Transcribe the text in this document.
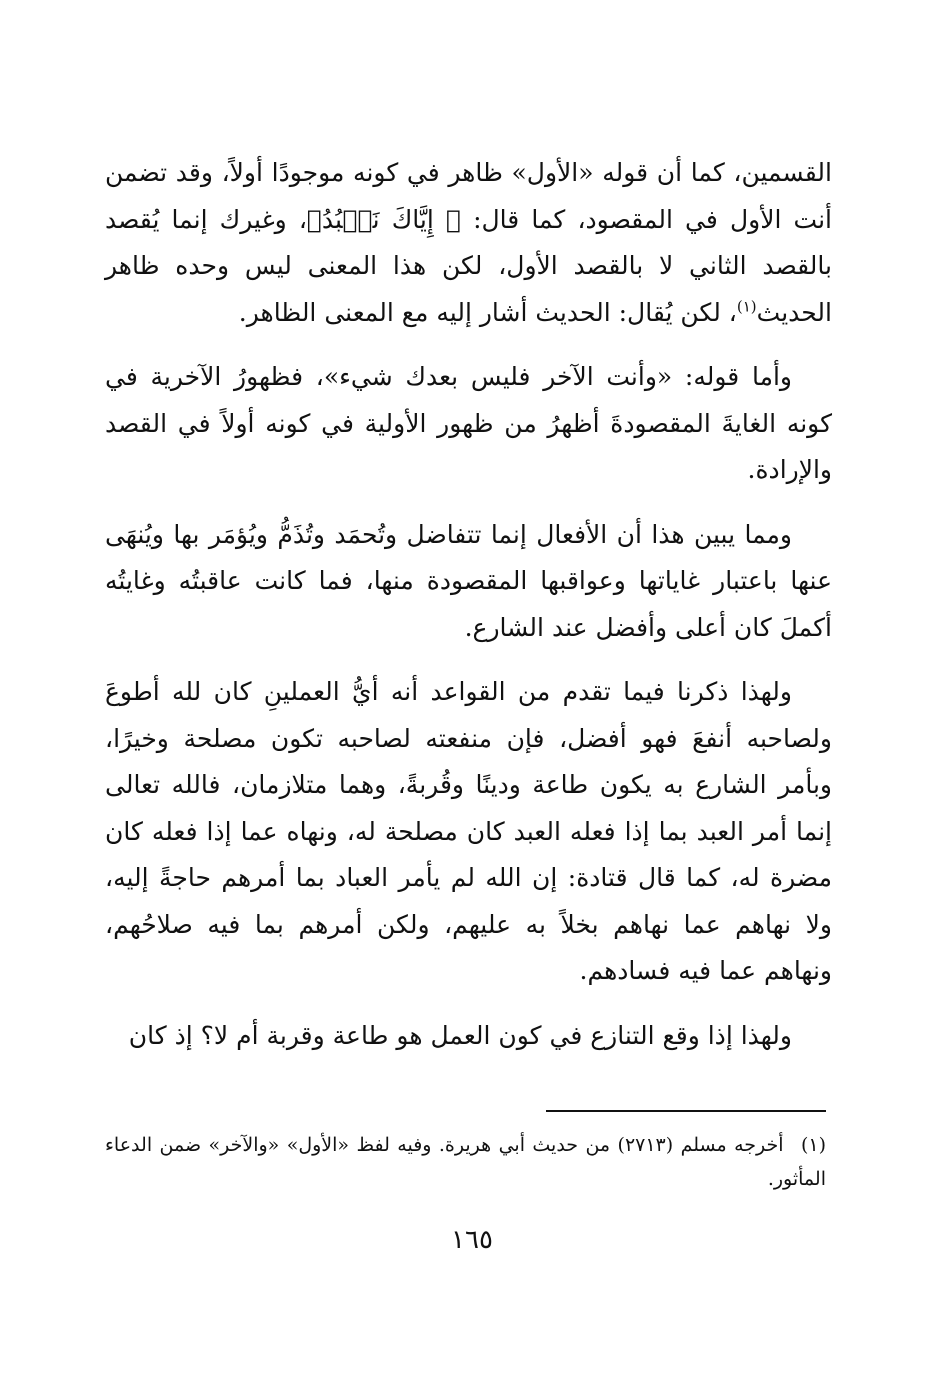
القسمين، كما أن قوله «الأول» ظاهر في كونه موجودًا أولاً، وقد تضمن أنت الأول في المقصود، كما قال: ﴿ إِيَّاكَ نَعۡبُدُ﴾، وغيرك إنما يُقصد بالقصد الثاني لا بالقصد الأول، لكن هذا المعنى ليس وحده ظاهر الحديث$^{(١)}$، لكن يُقال: الحديث أشار إليه مع المعنى الظاهر.

وأما قوله: «وأنت الآخر فليس بعدك شيء»، فظهورُ الآخرية في كونه الغايةَ المقصودةَ أظهرُ من ظهور الأولية في كونه أولاً في القصد والإرادة.

ومما يبين هذا أن الأفعال إنما تتفاضل وتُحمَد وتُذَمُّ ويُؤمَر بها ويُنهَى عنها باعتبار غاياتها وعواقبها المقصودة منها، فما كانت عاقبتُه وغايتُه أكملَ كان أعلى وأفضل عند الشارع.

ولهذا ذكرنا فيما تقدم من القواعد أنه أيُّ العملينِ كان لله أطوعَ ولصاحبه أنفعَ فهو أفضل، فإن منفعته لصاحبه تكون مصلحة وخيرًا، وبأمر الشارع به يكون طاعة ودينًا وقُربةً، وهما متلازمان، فالله تعالى إنما أمر العبد بما إذا فعله العبد كان مصلحة له، ونهاه عما إذا فعله كان مضرة له، كما قال قتادة: إن الله لم يأمر العباد بما أمرهم حاجةً إليه، ولا نهاهم عما نهاهم بخلاً به عليهم، ولكن أمرهم بما فيه صلاحُهم، ونهاهم عما فيه فسادهم.

ولهذا إذا وقع التنازع في كون العمل هو طاعة وقربة أم لا؟ إذ كان

(١) أخرجه مسلم (٢٧١٣) من حديث أبي هريرة. وفيه لفظ «الأول» «والآخر» ضمن الدعاء المأثور.
١٦٥
